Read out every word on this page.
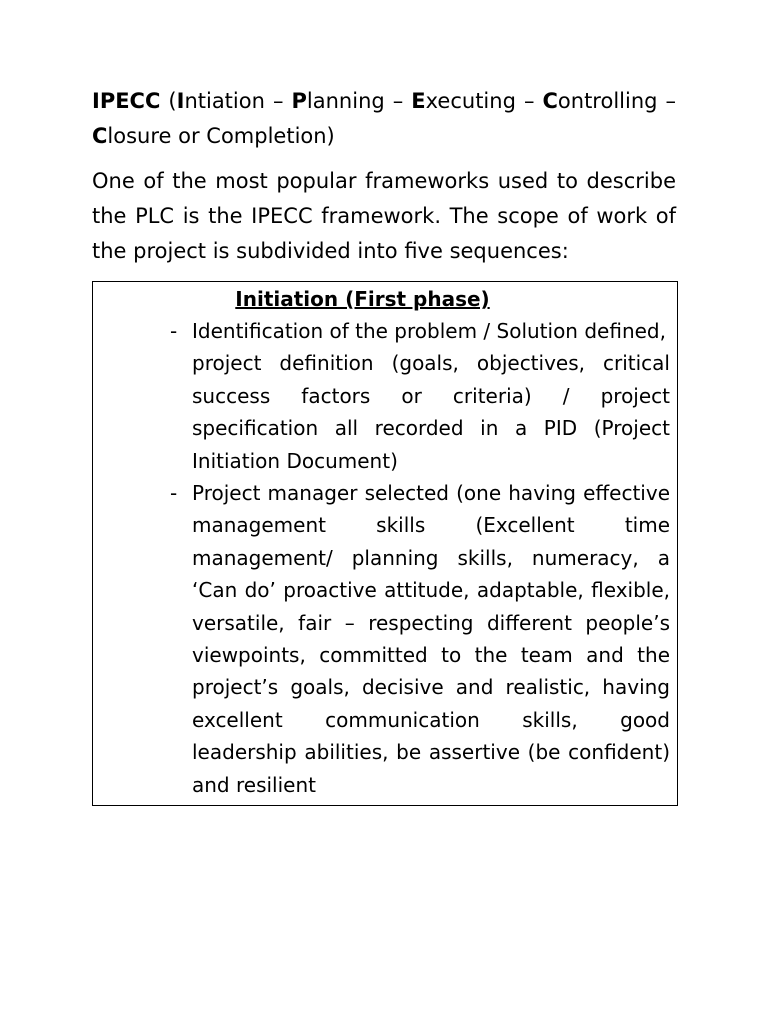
IPECC (Intiation – Planning – Executing – Controlling – Closure or Completion)

One of the most popular frameworks used to describe the PLC is the IPECC framework. The scope of work of the project is subdivided into five sequences:

Initiation (First phase)
- Identification of the problem / Solution defined,

project definition (goals, objectives, critical success factors or criteria) / project specification all recorded in a PID (Project Initiation Document)

- Project manager selected (one having effective management skills (Excellent time management/ planning skills, numeracy, a ‘Can do’ proactive attitude, adaptable, flexible, versatile, fair – respecting different people’s viewpoints, committed to the team and the project’s goals, decisive and realistic, having excellent communication skills, good leadership abilities, be assertive (be confident) and resilient
